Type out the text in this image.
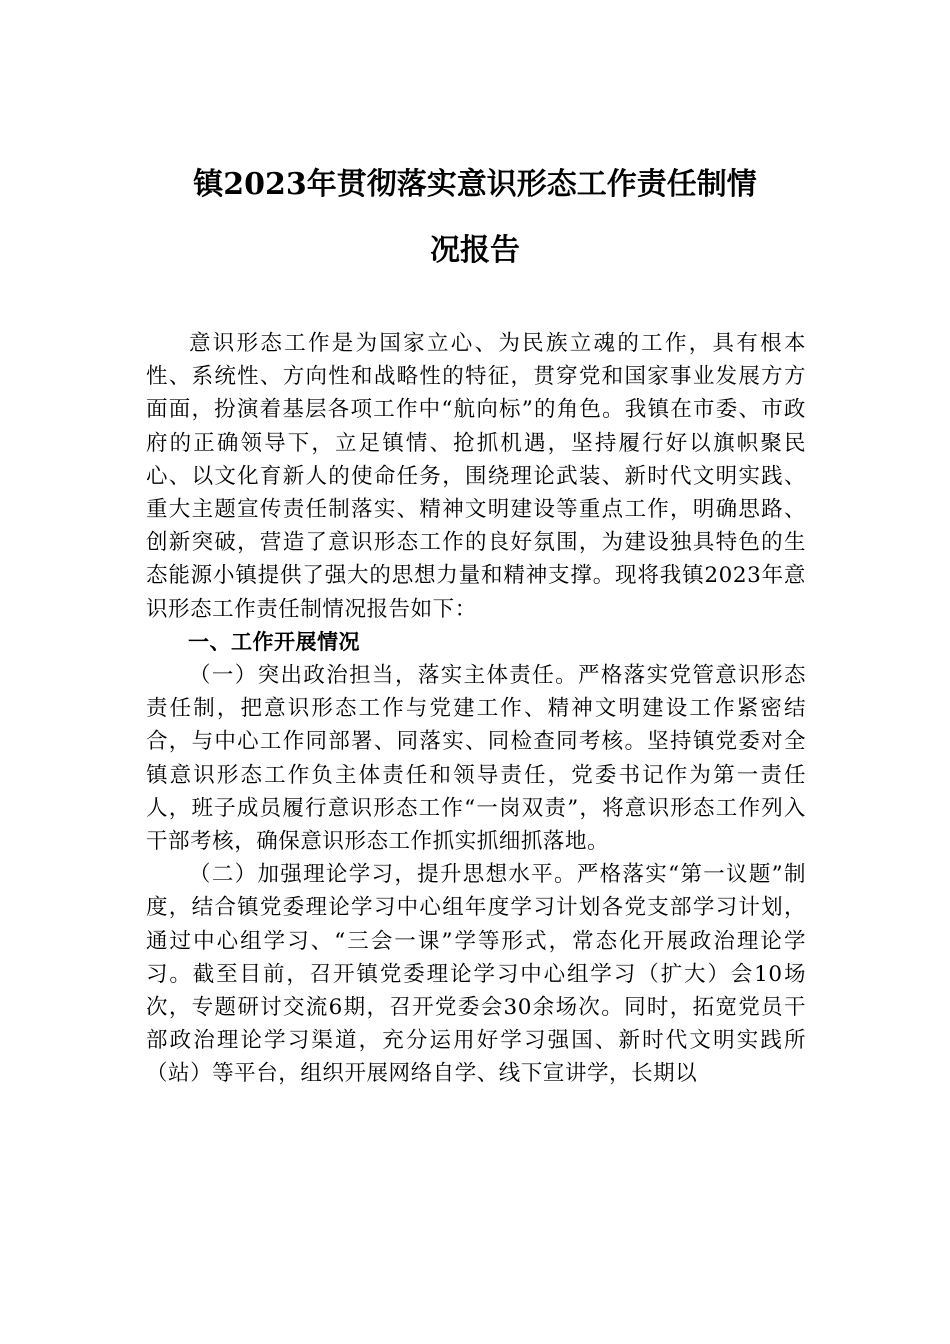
镇2023年贯彻落实意识形态工作责任制情
况报告

意识形态工作是为国家立心、为民族立魂的工作，具有根本性、系统性、方向性和战略性的特征，贯穿党和国家事业发展方方面面，扮演着基层各项工作中“航向标”的角色。我镇在市委、市政府的正确领导下，立足镇情、抢抓机遇，坚持履行好以旗帜聚民心、以文化育新人的使命任务，围绕理论武装、新时代文明实践、重大主题宣传责任制落实、精神文明建设等重点工作，明确思路、创新突破，营造了意识形态工作的良好氛围，为建设独具特色的生态能源小镇提供了强大的思想力量和精神支撑。现将我镇2023年意识形态工作责任制情况报告如下：

一、工作开展情况

（一）突出政治担当，落实主体责任。严格落实党管意识形态责任制，把意识形态工作与党建工作、精神文明建设工作紧密结合，与中心工作同部署、同落实、同检查同考核。坚持镇党委对全镇意识形态工作负主体责任和领导责任，党委书记作为第一责任人，班子成员履行意识形态工作“一岗双责”，将意识形态工作列入干部考核，确保意识形态工作抓实抓细抓落地。

（二）加强理论学习，提升思想水平。严格落实“第一议题”制度，结合镇党委理论学习中心组年度学习计划各党支部学习计划，通过中心组学习、“三会一课”学等形式，常态化开展政治理论学习。截至目前，召开镇党委理论学习中心组学习（扩大）会10场次，专题研讨交流6期，召开党委会30余场次。同时，拓宽党员干部政治理论学习渠道，充分运用好学习强国、新时代文明实践所（站）等平台，组织开展网络自学、线下宣讲学，长期以
